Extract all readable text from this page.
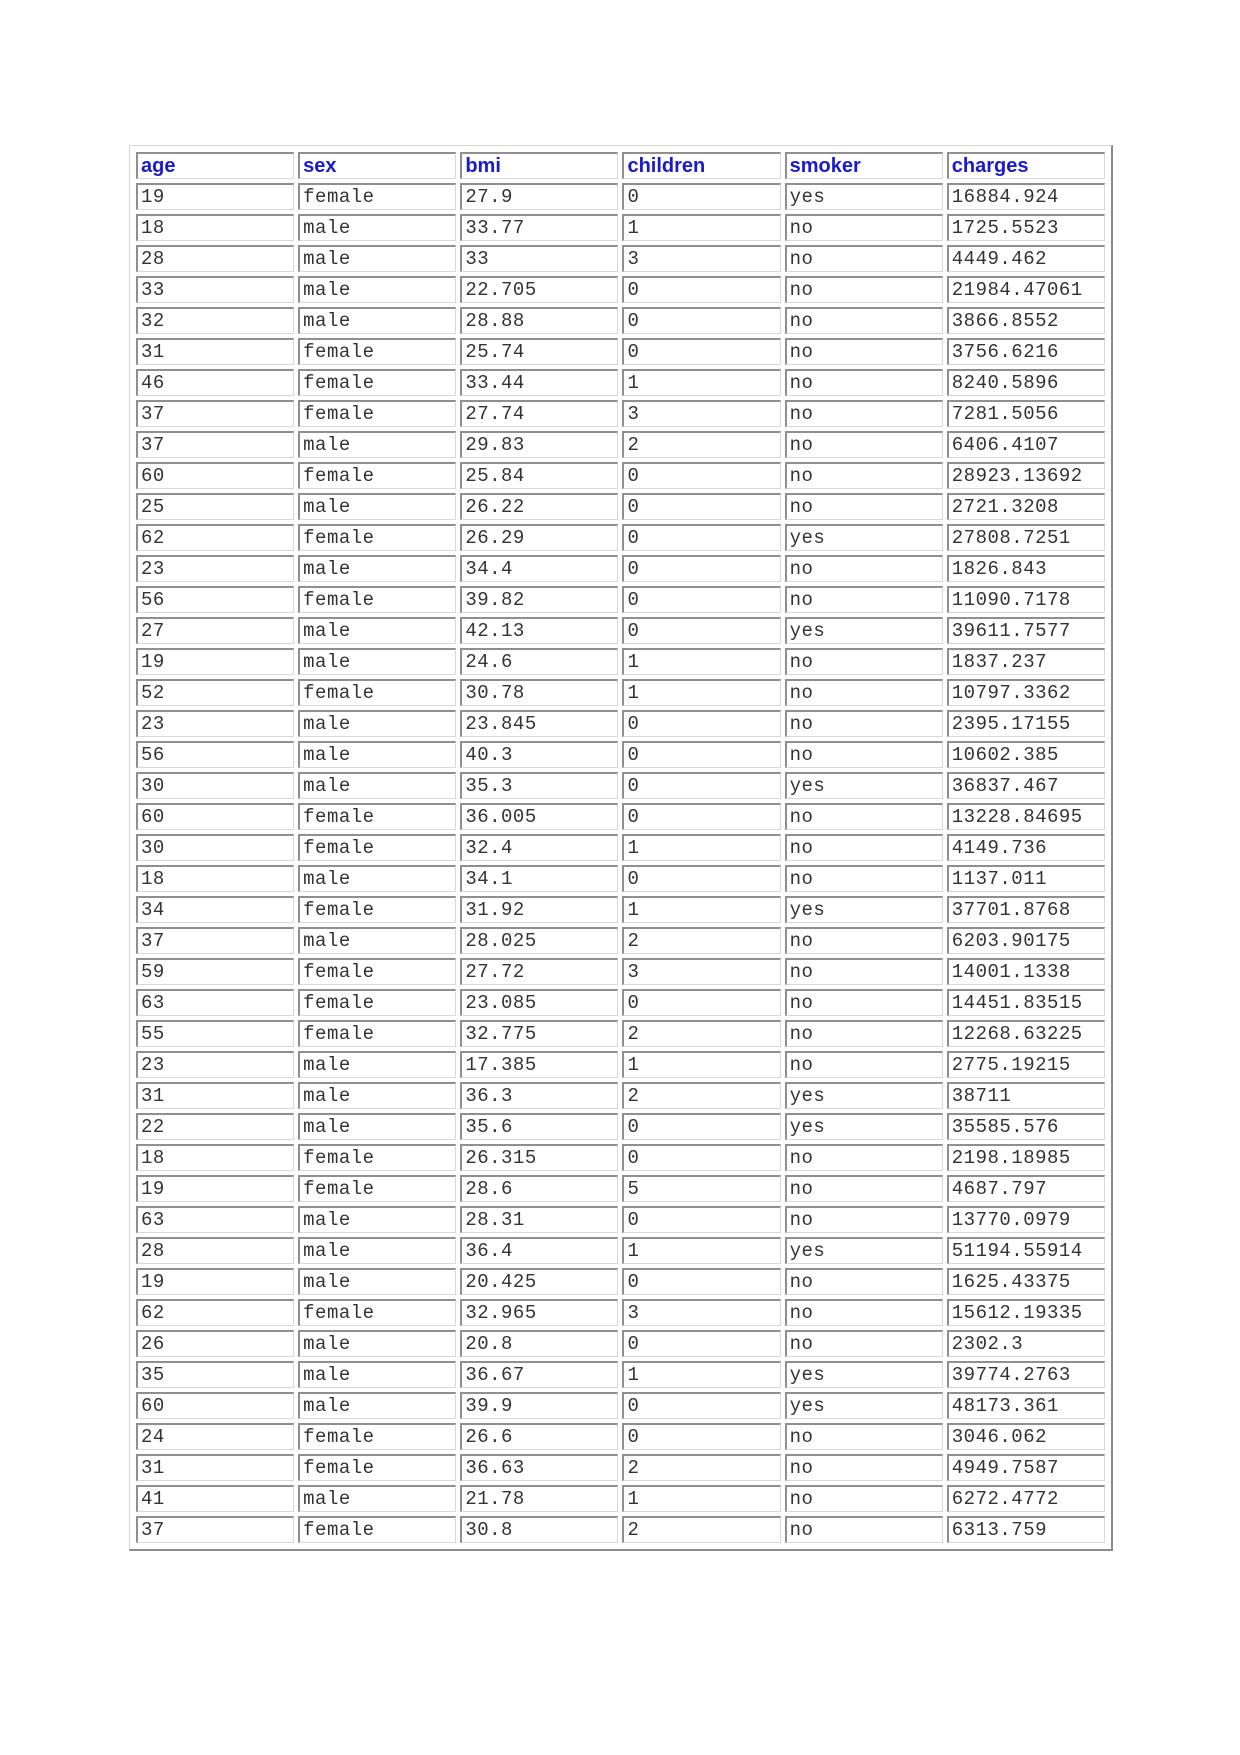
age	sex	bmi	children	smoker	charges
19	female	27.9	0	yes	16884.924
18	male	33.77	1	no	1725.5523
28	male	33	3	no	4449.462
33	male	22.705	0	no	21984.47061
32	male	28.88	0	no	3866.8552
31	female	25.74	0	no	3756.6216
46	female	33.44	1	no	8240.5896
37	female	27.74	3	no	7281.5056
37	male	29.83	2	no	6406.4107
60	female	25.84	0	no	28923.13692
25	male	26.22	0	no	2721.3208
62	female	26.29	0	yes	27808.7251
23	male	34.4	0	no	1826.843
56	female	39.82	0	no	11090.7178
27	male	42.13	0	yes	39611.7577
19	male	24.6	1	no	1837.237
52	female	30.78	1	no	10797.3362
23	male	23.845	0	no	2395.17155
56	male	40.3	0	no	10602.385
30	male	35.3	0	yes	36837.467
60	female	36.005	0	no	13228.84695
30	female	32.4	1	no	4149.736
18	male	34.1	0	no	1137.011
34	female	31.92	1	yes	37701.8768
37	male	28.025	2	no	6203.90175
59	female	27.72	3	no	14001.1338
63	female	23.085	0	no	14451.83515
55	female	32.775	2	no	12268.63225
23	male	17.385	1	no	2775.19215
31	male	36.3	2	yes	38711
22	male	35.6	0	yes	35585.576
18	female	26.315	0	no	2198.18985
19	female	28.6	5	no	4687.797
63	male	28.31	0	no	13770.0979
28	male	36.4	1	yes	51194.55914
19	male	20.425	0	no	1625.43375
62	female	32.965	3	no	15612.19335
26	male	20.8	0	no	2302.3
35	male	36.67	1	yes	39774.2763
60	male	39.9	0	yes	48173.361
24	female	26.6	0	no	3046.062
31	female	36.63	2	no	4949.7587
41	male	21.78	1	no	6272.4772
37	female	30.8	2	no	6313.759
